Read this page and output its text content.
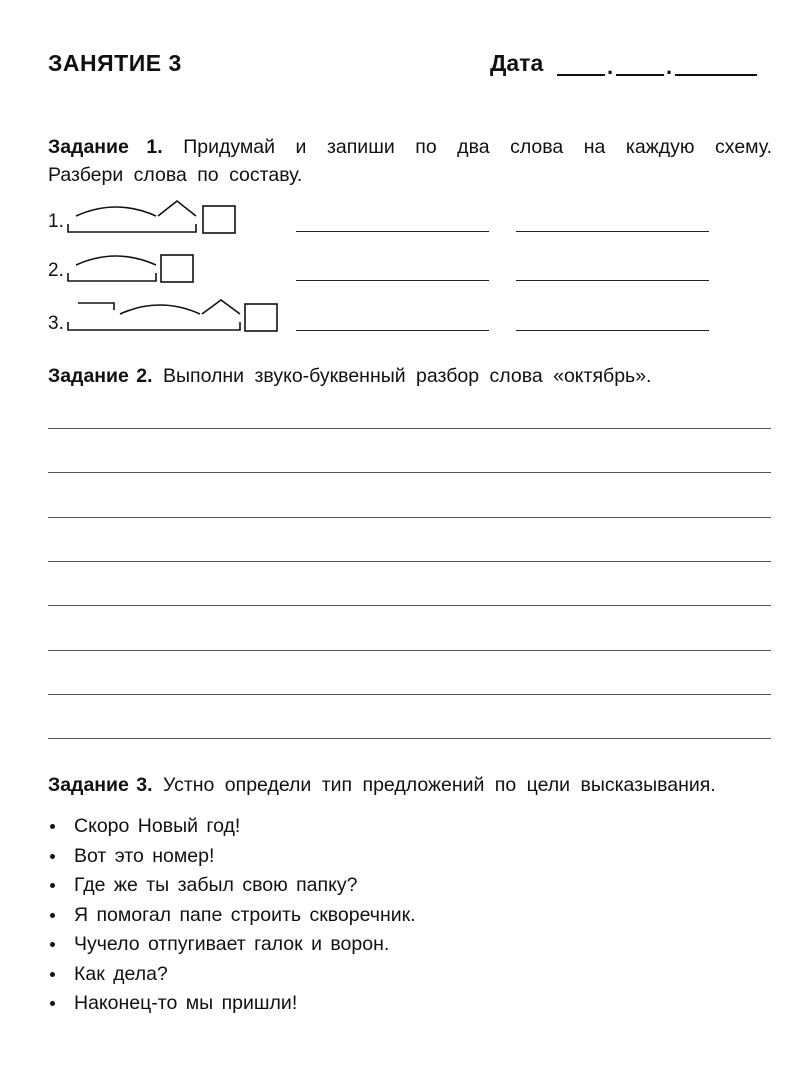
ЗАНЯТИЕ 3	Дата	. .
Задание 1. Придумай и запиши по два слова на каждую схему.
Разбери слова по составу.
1.
2.
3.
Задание 2. Выполни звуко-буквенный разбор слова «октябрь».
Задание 3. Устно определи тип предложений по цели высказывания.
Скоро Новый год!
Вот это номер!
Где же ты забыл свою папку?
Я помогал папе строить скворечник.
Чучело отпугивает галок и ворон.
Как дела?
Наконец-то мы пришли!
